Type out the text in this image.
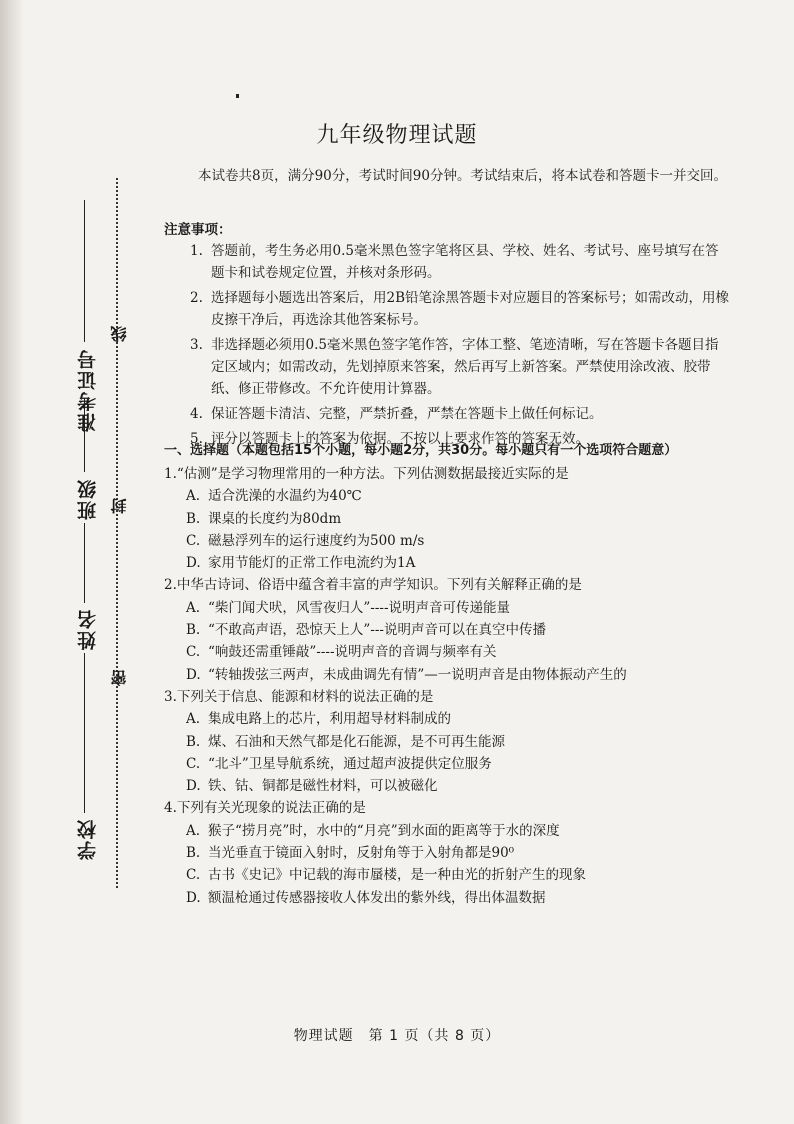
学校
姓名
班级
准考证号
密
封
线
九年级物理试题
本试卷共8页，满分90分，考试时间90分钟。考试结束后，将本试卷和答题卡一并交回。
注意事项：
1. 答题前，考生务必用0.5毫米黑色签字笔将区县、学校、姓名、考试号、座号填写在答题卡和试卷规定位置，并核对条形码。
2. 选择题每小题选出答案后，用2B铅笔涂黑答题卡对应题目的答案标号；如需改动，用橡皮擦干净后，再选涂其他答案标号。
3. 非选择题必须用0.5毫米黑色签字笔作答，字体工整、笔迹清晰，写在答题卡各题目指定区域内；如需改动，先划掉原来答案，然后再写上新答案。严禁使用涂改液、胶带纸、修正带修改。不允许使用计算器。
4. 保证答题卡清洁、完整，严禁折叠，严禁在答题卡上做任何标记。
5. 评分以答题卡上的答案为依据。不按以上要求作答的答案无效。
一、选择题（本题包括15个小题，每小题2分，共30分。每小题只有一个选项符合题意）
1.“估测”是学习物理常用的一种方法。下列估测数据最接近实际的是
A. 适合洗澡的水温约为40℃
B. 课桌的长度约为80dm
C. 磁悬浮列车的运行速度约为500 m/s
D. 家用节能灯的正常工作电流约为1A
2.中华古诗词、俗语中蕴含着丰富的声学知识。下列有关解释正确的是
A. “柴门闻犬吠，风雪夜归人”----说明声音可传递能量
B. “不敢高声语，恐惊天上人”---说明声音可以在真空中传播
C. “响鼓还需重锤敲”----说明声音的音调与频率有关
D. “转轴拨弦三两声，未成曲调先有情”—一说明声音是由物体振动产生的
3.下列关于信息、能源和材料的说法正确的是
A. 集成电路上的芯片，利用超导材料制成的
B. 煤、石油和天然气都是化石能源，是不可再生能源
C. “北斗”卫星导航系统，通过超声波提供定位服务
D. 铁、钴、铜都是磁性材料，可以被磁化
4.下列有关光现象的说法正确的是
A. 猴子“捞月亮”时，水中的“月亮”到水面的距离等于水的深度
B. 当光垂直于镜面入射时，反射角等于入射角都是90⁰
C. 古书《史记》中记载的海市蜃楼，是一种由光的折射产生的现象
D. 额温枪通过传感器接收人体发出的紫外线，得出体温数据
物理试题　第 1 页（共 8 页）
